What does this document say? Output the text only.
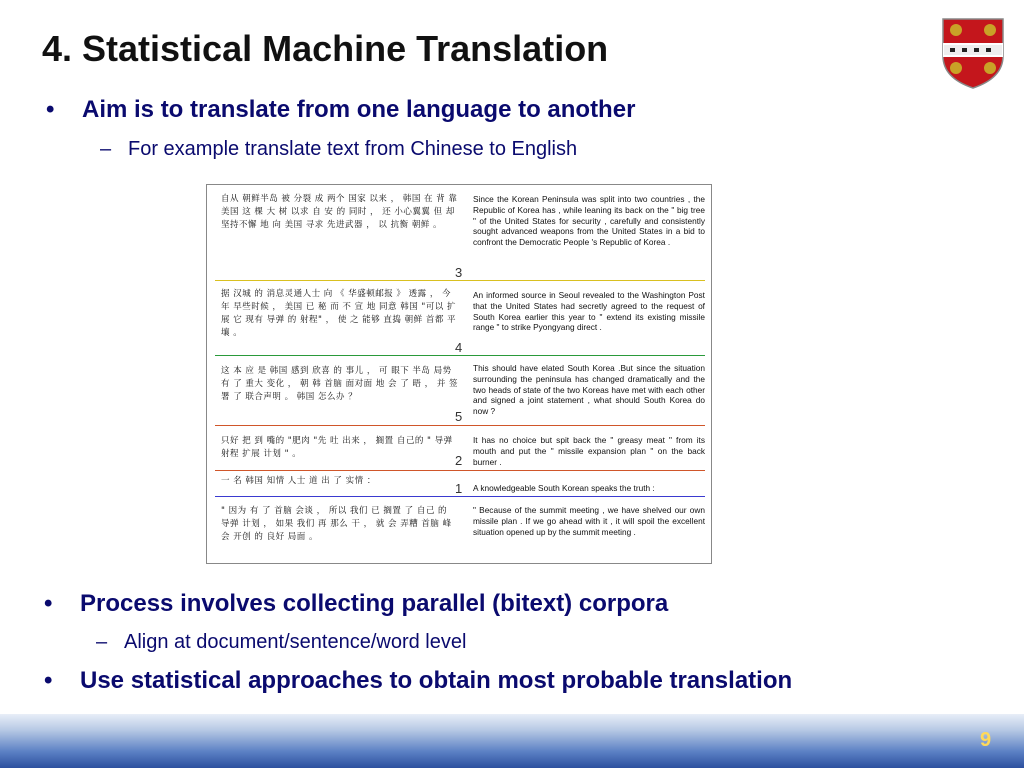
4. Statistical Machine Translation
• Aim is to translate from one language to another
– For example translate text from Chinese to English
自从 朝鲜半岛 被 分裂 成 两个 国家 以来 ， 韩国 在 背 靠 美国 这 棵 大 树 以求 自 安 的 同时 ， 还 小心翼翼 但 却 坚持不懈 地 向 美国 寻求 先进武器 ， 以 抗衡 朝鲜 。
Since the Korean Peninsula was split into two countries , the Republic of Korea has , while leaning its back on the " big tree " of the United States for security , carefully and consistently sought advanced weapons from the United States in a bid to confront the Democratic People 's Republic of Korea .
3
据 汉城 的 消息灵通人士 向 《 华盛顿邮报 》 透露 ， 今年 早些时候 ， 美国 已 秘 而 不 宣 地 同意 韩国 "可以 扩展 它 现有 导弹 的 射程" ， 使 之 能够 直捣 朝鲜 首都 平壤 。
An informed source in Seoul revealed to the Washington Post that the United States had secretly agreed to the request of South Korea earlier this year to " extend its existing missile range " to strike Pyongyang direct .
4
这 本 应 是 韩国 感到 欣喜 的 事儿 ， 可 眼下 半岛 局势 有 了 重大 变化 ， 朝 韩 首脑 面对面 地 会 了 晤 ， 并 签署 了 联合声明 。 韩国 怎么办 ？
This should have elated South Korea .But since the situation surrounding the peninsula has changed dramatically and the two heads of state of the two Koreas have met with each other and signed a joint statement , what should South Korea do now ?
5
只好 把 到 嘴的 "肥肉 "先 吐 出来 ， 搁置 自己的 " 导弹 射程 扩展 计划 " 。
It has no choice but spit back the " greasy meat " from its mouth and put the " missile expansion plan " on the back burner .
2
一 名 韩国 知情 人士 道 出 了 实情 ：
A knowledgeable South Korean speaks the truth :
1
" 因为 有 了 首脑 会谈 ， 所以 我们 已 搁置 了 自己 的 导弹 计划 ， 如果 我们 再 那么 干 ， 就 会 弄糟 首脑 峰 会 开创 的 良好 局面 。
" Because of the summit meeting , we have shelved our own missile plan . If we go ahead with it , it will spoil the excellent situation opened up by the summit meeting .
• Process involves collecting parallel (bitext) corpora
– Align at document/sentence/word level
• Use statistical approaches to obtain most probable translation
9
